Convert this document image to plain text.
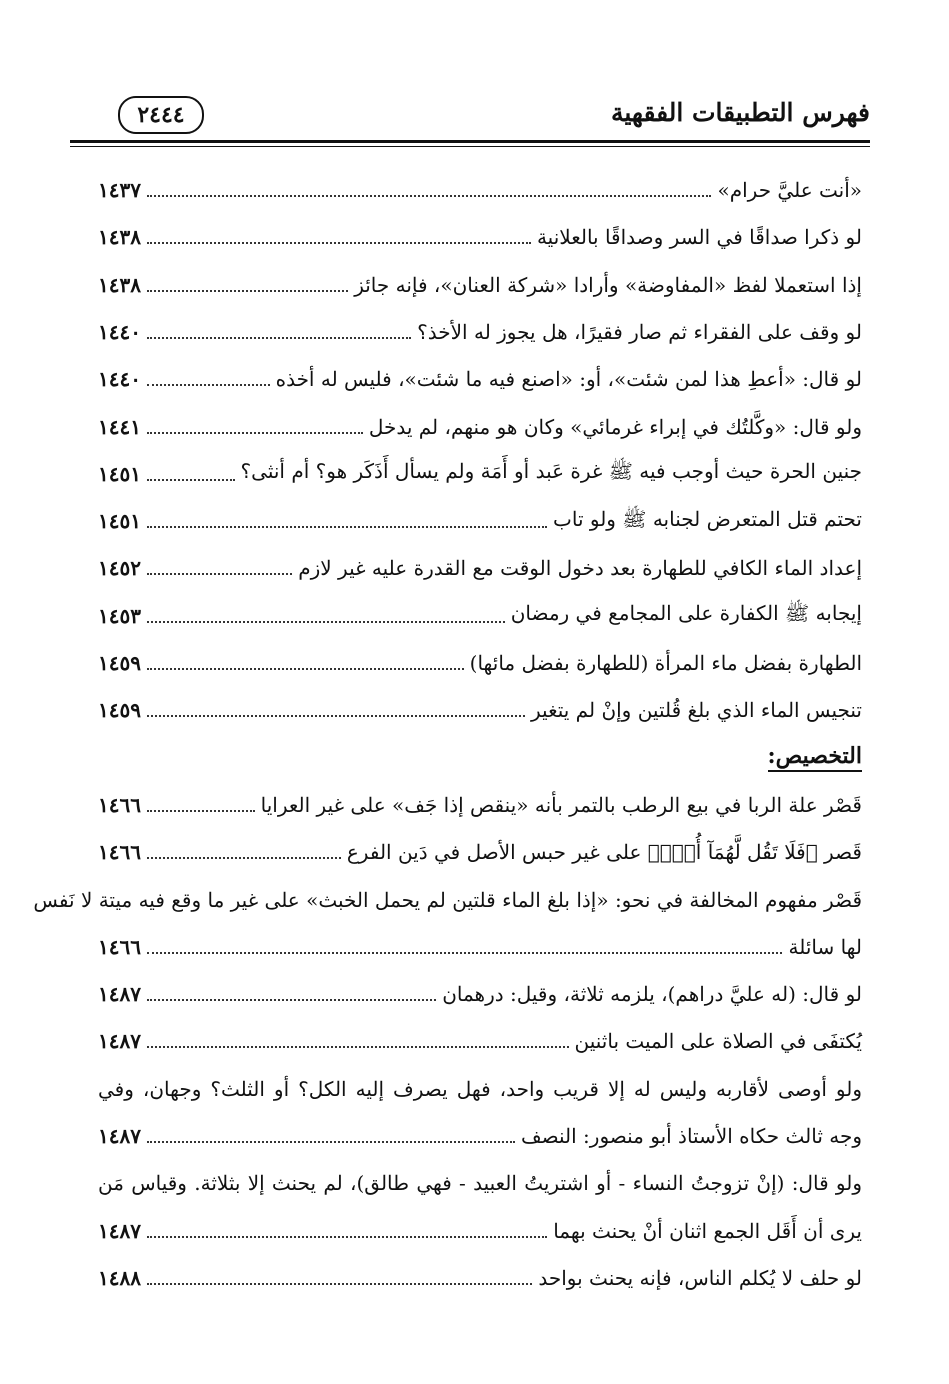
فهرس التطبيقات الفقهية
٢٤٤٤
«أنت عليَّ حرام»
١٤٣٧
لو ذكرا صداقًا في السر وصداقًا بالعلانية
١٤٣٨
إذا استعملا لفظ «المفاوضة» وأرادا «شركة العنان»، فإنه جائز
١٤٣٨
لو وقف على الفقراء ثم صار فقيرًا، هل يجوز له الأخذ؟
١٤٤٠
لو قال: «أعطِ هذا لمن شئت»، أو: «اصنع فيه ما شئت»، فليس له أخذه
١٤٤٠
ولو قال: «وكَّلتُك في إبراء غرمائي» وكان هو منهم، لم يدخل
١٤٤١
جنين الحرة حيث أوجب فيه ﷺ غرة عَبد أو أَمَة ولم يسأل أَذَكَر هو؟ أم أنثى؟
١٤٥١
تحتم قتل المتعرض لجنابه ﷺ ولو تاب
١٤٥١
إعداد الماء الكافي للطهارة بعد دخول الوقت مع القدرة عليه غير لازم
١٤٥٢
إيجابه ﷺ الكفارة على المجامع في رمضان
١٤٥٣
الطهارة بفضل ماء المرأة (للطهارة بفضل مائها)
١٤٥٩
تنجيس الماء الذي بلغ قُلتين وإنْ لم يتغير
١٤٥٩
التخصيص:
قَصْر علة الربا في بيع الرطب بالتمر بأنه «ينقص إذا جَف» على غير العرايا
١٤٦٦
قَصر ﴿فَلَا تَقُل لَّهُمَآ أُفّٖ﴾ على غير حبس الأصل في دَين الفرع
١٤٦٦
قَصْر مفهوم المخالفة في نحو: «إذا بلغ الماء قلتين لم يحمل الخبث» على غير ما وقع فيه ميتة لا نَفس
لها سائلة
١٤٦٦
لو قال: (له عليَّ دراهم)، يلزمه ثلاثة، وقيل: درهمان
١٤٨٧
يُكتفَى في الصلاة على الميت باثنين
١٤٨٧
ولو أوصى لأقاربه وليس له إلا قريب واحد، فهل يصرف إليه الكل؟ أو الثلث؟ وجهان، وفي
وجه ثالث حكاه الأستاذ أبو منصور: النصف
١٤٨٧
ولو قال: (إنْ تزوجتُ النساء - أو اشتريتُ العبيد - فهي طالق)، لم يحنث إلا بثلاثة. وقياس مَن
يرى أن أَقَل الجمع اثنان أنْ يحنث بهما
١٤٨٧
لو حلف لا يُكلم الناس، فإنه يحنث بواحد
١٤٨٨
